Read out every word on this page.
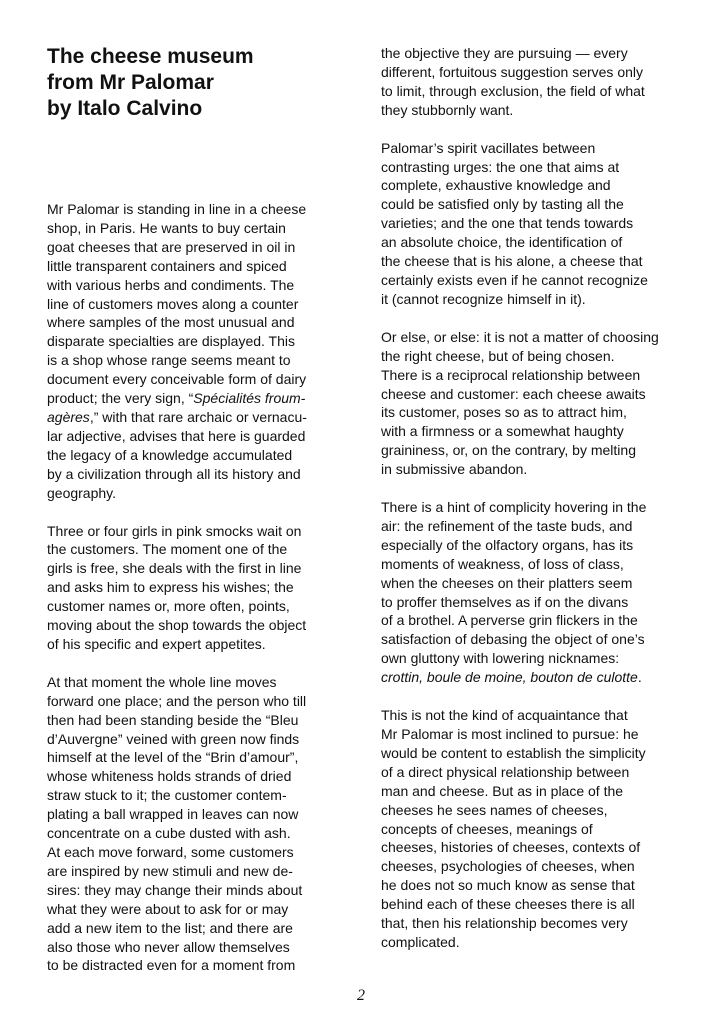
The cheese museum
from Mr Palomar
by Italo Calvino

Mr Palomar is standing in line in a cheese
shop, in Paris. He wants to buy certain
goat cheeses that are preserved in oil in
little transparent containers and spiced
with various herbs and condiments. The
line of customers moves along a counter
where samples of the most unusual and
disparate specialties are displayed. This
is a shop whose range seems meant to
document every conceivable form of dairy
product; the very sign, “Spécialités froum-
agères,” with that rare archaic or vernacu-
lar adjective, advises that here is guarded
the legacy of a knowledge accumulated
by a civilization through all its history and
geography.

Three or four girls in pink smocks wait on
the customers. The moment one of the
girls is free, she deals with the first in line
and asks him to express his wishes; the
customer names or, more often, points,
moving about the shop towards the object
of his specific and expert appetites.

At that moment the whole line moves
forward one place; and the person who till
then had been standing beside the “Bleu
d’Auvergne” veined with green now finds
himself at the level of the “Brin d’amour”,
whose whiteness holds strands of dried
straw stuck to it; the customer contem-
plating a ball wrapped in leaves can now
concentrate on a cube dusted with ash.
At each move forward, some customers
are inspired by new stimuli and new de-
sires: they may change their minds about
what they were about to ask for or may
add a new item to the list; and there are
also those who never allow themselves
to be distracted even for a moment from

the objective they are pursuing — every
different, fortuitous suggestion serves only
to limit, through exclusion, the field of what
they stubbornly want.

Palomar’s spirit vacillates between
contrasting urges: the one that aims at
complete, exhaustive knowledge and
could be satisfied only by tasting all the
varieties; and the one that tends towards
an absolute choice, the identification of
the cheese that is his alone, a cheese that
certainly exists even if he cannot recognize
it (cannot recognize himself in it).

Or else, or else: it is not a matter of choosing
the right cheese, but of being chosen.
There is a reciprocal relationship between
cheese and customer: each cheese awaits
its customer, poses so as to attract him,
with a firmness or a somewhat haughty
graininess, or, on the contrary, by melting
in submissive abandon.

There is a hint of complicity hovering in the
air: the refinement of the taste buds, and
especially of the olfactory organs, has its
moments of weakness, of loss of class,
when the cheeses on their platters seem
to proffer themselves as if on the divans
of a brothel. A perverse grin flickers in the
satisfaction of debasing the object of one’s
own gluttony with lowering nicknames:
crottin, boule de moine, bouton de culotte.

This is not the kind of acquaintance that
Mr Palomar is most inclined to pursue: he
would be content to establish the simplicity
of a direct physical relationship between
man and cheese. But as in place of the
cheeses he sees names of cheeses,
concepts of cheeses, meanings of
cheeses, histories of cheeses, contexts of
cheeses, psychologies of cheeses, when
he does not so much know as sense that
behind each of these cheeses there is all
that, then his relationship becomes very
complicated.

2
